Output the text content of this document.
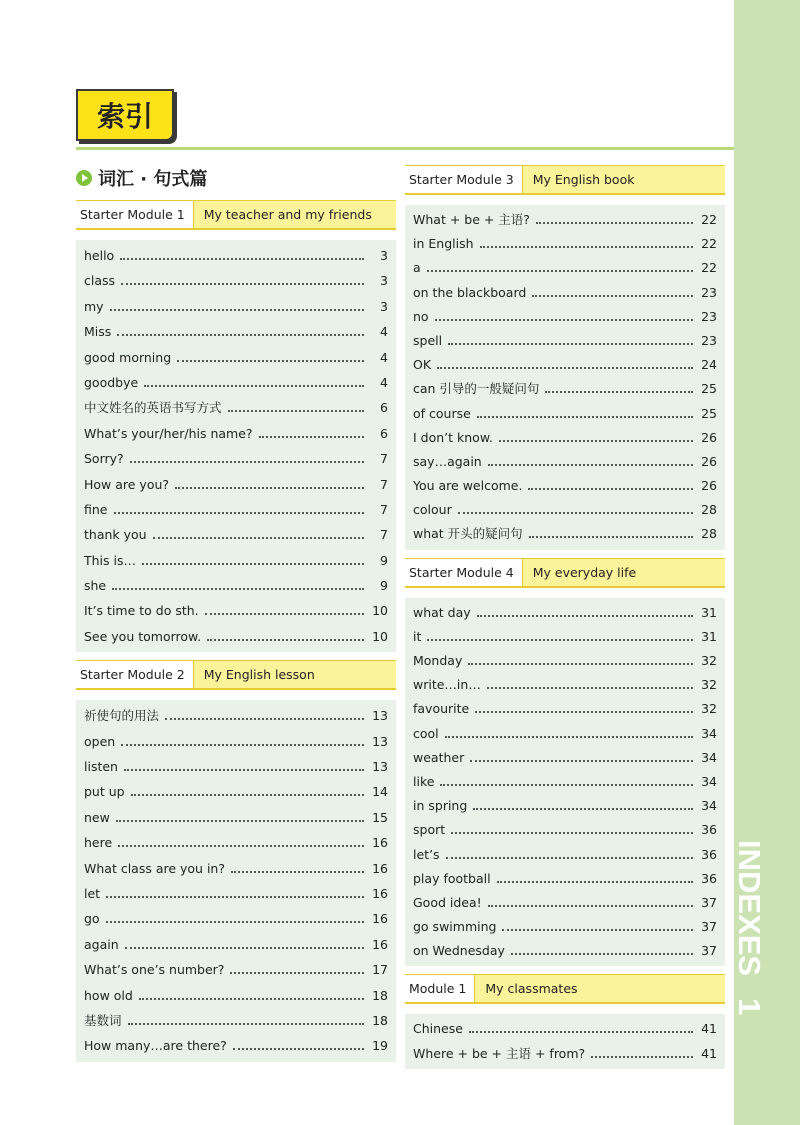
INDEXES1
索引
词汇 · 句式篇
Starter Module 1	My teacher and my friends
hello	3
class	3
my	3
Miss	4
good morning	4
goodbye	4
中文姓名的英语书写方式	6
What’s your/her/his name?	6
Sorry?	7
How are you?	7
fine	7
thank you	7
This is…	9
she	9
It’s time to do sth.	10
See you tomorrow.	10
Starter Module 2	My English lesson
祈使句的用法	13
open	13
listen	13
put up	14
new	15
here	16
What class are you in?	16
let	16
go	16
again	16
What’s one’s number?	17
how old	18
基数词	18
How many…are there?	19
Starter Module 3	My English book
What + be + 主语?	22
in English	22
a	22
on the blackboard	23
no	23
spell	23
OK	24
can 引导的一般疑问句	25
of course	25
I don’t know.	26
say…again	26
You are welcome.	26
colour	28
what 开头的疑问句	28
Starter Module 4	My everyday life
what day	31
it	31
Monday	32
write…in…	32
favourite	32
cool	34
weather	34
like	34
in spring	34
sport	36
let’s	36
play football	36
Good idea!	37
go swimming	37
on Wednesday	37
Module 1	My classmates
Chinese	41
Where + be + 主语 + from?	41
